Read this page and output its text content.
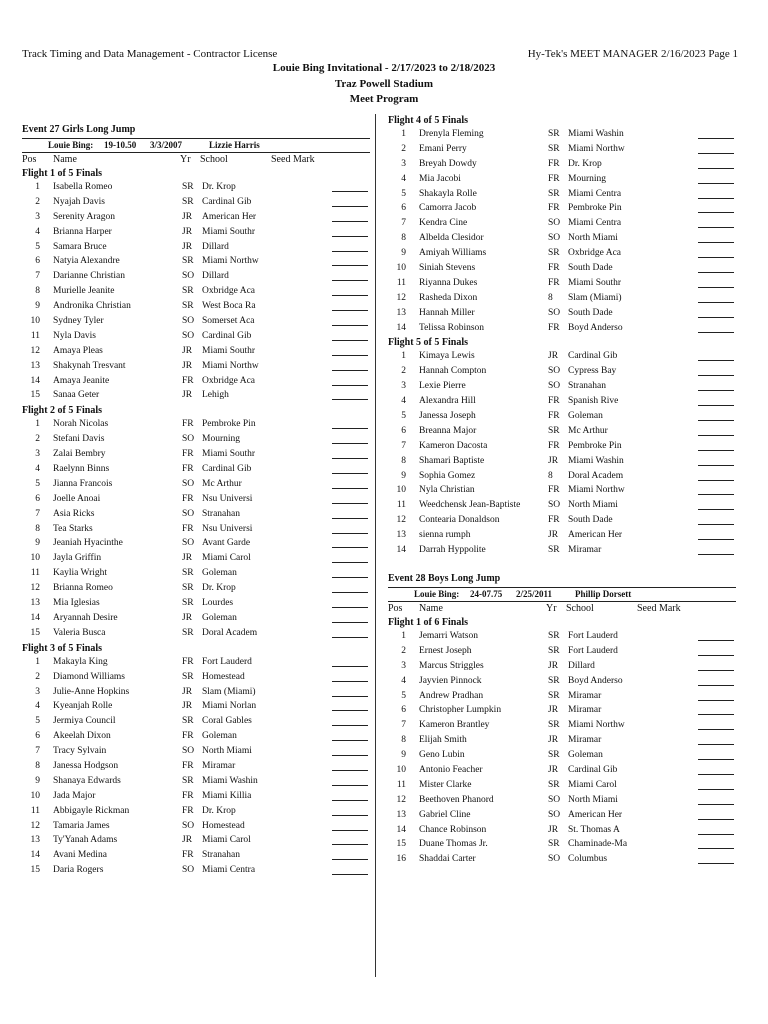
Track Timing and Data Management - Contractor License	Hy-Tek's MEET MANAGER 2/16/2023 Page 1
Louie Bing Invitational - 2/17/2023 to 2/18/2023
Traz Powell Stadium
Meet Program
Event 27 Girls Long Jump
Louie Bing: 19-10.50 3/3/2007	Lizzie Harris
Pos Name	Yr School	Seed Mark
Flight 1 of 5 Finals
1 Isabella Romeo	SR Dr. Krop
2 Nyajah Davis	SR Cardinal Gib
3 Serenity Aragon	JR American Her
4 Brianna Harper	JR Miami Southr
5 Samara Bruce	JR Dillard
6 Natyia Alexandre	SR Miami Northw
7 Darianne Christian	SO Dillard
8 Murielle Jeanite	SR Oxbridge Aca
9 Andronika Christian	SR West Boca Ra
10 Sydney Tyler	SO Somerset Aca
11 Nyla Davis	SO Cardinal Gib
12 Amaya Pleas	JR Miami Southr
13 Shakynah Tresvant	JR Miami Northw
14 Amaya Jeanite	FR Oxbridge Aca
15 Sanaa Geter	JR Lehigh
Flight 2 of 5 Finals
1 Norah Nicolas	FR Pembroke Pin
2 Stefani Davis	SO Mourning
3 Zalai Bembry	FR Miami Southr
4 Raelynn Binns	FR Cardinal Gib
5 Jianna Francois	SO Mc Arthur
6 Joelle Anoai	FR Nsu Universi
7 Asia Ricks	SO Stranahan
8 Tea Starks	FR Nsu Universi
9 Jeaniah Hyacinthe	SO Avant Garde
10 Jayla Griffin	JR Miami Carol
11 Kaylia Wright	SR Goleman
12 Brianna Romeo	SR Dr. Krop
13 Mia Iglesias	SR Lourdes
14 Aryannah Desire	JR Goleman
15 Valeria Busca	SR Doral Academ
Flight 3 of 5 Finals
1 Makayla King	FR Fort Lauderd
2 Diamond Williams	SR Homestead
3 Julie-Anne Hopkins	JR Slam (Miami)
4 Kyeanjah Rolle	JR Miami Norlan
5 Jermiya Council	SR Coral Gables
6 Akeelah Dixon	FR Goleman
7 Tracy Sylvain	SO North Miami
8 Janessa Hodgson	FR Miramar
9 Shanaya Edwards	SR Miami Washin
10 Jada Major	FR Miami Killia
11 Abbigayle Rickman	FR Dr. Krop
12 Tamaria James	SO Homestead
13 Ty'Yanah Adams	JR Miami Carol
14 Avani Medina	FR Stranahan
15 Daria Rogers	SO Miami Centra
Flight 4 of 5 Finals
1 Drenyla Fleming	SR Miami Washin
2 Emani Perry	SR Miami Northw
3 Breyah Dowdy	FR Dr. Krop
4 Mia Jacobi	FR Mourning
5 Shakayla Rolle	SR Miami Centra
6 Camorra Jacob	FR Pembroke Pin
7 Kendra Cine	SO Miami Centra
8 Albelda Clesidor	SO North Miami
9 Amiyah Williams	SR Oxbridge Aca
10 Siniah Stevens	FR South Dade
11 Riyanna Dukes	FR Miami Southr
12 Rasheda Dixon	8 Slam (Miami)
13 Hannah Miller	SO South Dade
14 Telissa Robinson	FR Boyd Anderso
Flight 5 of 5 Finals
1 Kimaya Lewis	JR Cardinal Gib
2 Hannah Compton	SO Cypress Bay
3 Lexie Pierre	SO Stranahan
4 Alexandra Hill	FR Spanish Rive
5 Janessa Joseph	FR Goleman
6 Breanna Major	SR Mc Arthur
7 Kameron Dacosta	FR Pembroke Pin
8 Shamari Baptiste	JR Miami Washin
9 Sophia Gomez	8 Doral Academ
10 Nyla Christian	FR Miami Northw
11 Weedchensk Jean-Baptiste	SO North Miami
12 Contearia Donaldson	FR South Dade
13 sienna rumph	JR American Her
14 Darrah Hyppolite	SR Miramar
Event 28 Boys Long Jump
Louie Bing: 24-07.75 2/25/2011	Phillip Dorsett
Pos Name	Yr School	Seed Mark
Flight 1 of 6 Finals
1 Jemarri Watson	SR Fort Lauderd
2 Ernest Joseph	SR Fort Lauderd
3 Marcus Striggles	JR Dillard
4 Jayvien Pinnock	SR Boyd Anderso
5 Andrew Pradhan	SR Miramar
6 Christopher Lumpkin	JR Miramar
7 Kameron Brantley	SR Miami Northw
8 Elijah Smith	JR Miramar
9 Geno Lubin	SR Goleman
10 Antonio Feacher	JR Cardinal Gib
11 Mister Clarke	SR Miami Carol
12 Beethoven Phanord	SO North Miami
13 Gabriel Cline	SO American Her
14 Chance Robinson	JR St. Thomas A
15 Duane Thomas Jr.	SR Chaminade-Ma
16 Shaddai Carter	SO Columbus
